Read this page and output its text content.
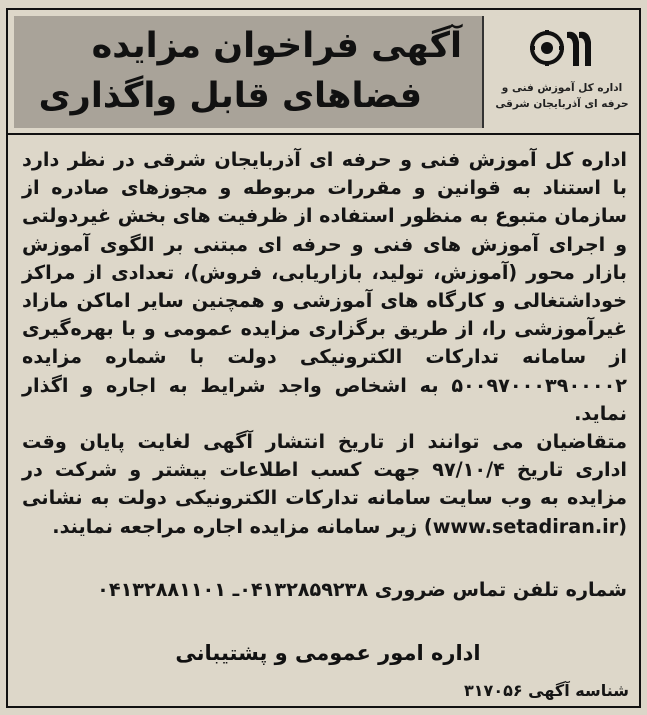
آگهی فراخوان مزایده
فضاهای قابل واگذاری	اداره کل آموزش فنی و حرفه ای آذربایجان شرقی

اداره کل آموزش فنی و حرفه ای آذربایجان شرقی در نظر دارد با استناد به قوانین و مقررات مربوطه و مجوزهای صادره از سازمان متبوع به منظور استفاده از ظرفیت های بخش غیردولتی و اجرای آموزش های فنی و حرفه ای مبتنی بر الگوی آموزش بازار محور (آموزش، تولید، بازاریابی، فروش)، تعدادی از مراکز خوداشتغالی و کارگاه های آموزشی و همچنین سایر اماکن مازاد غیرآموزشی را، از طریق برگزاری مزایده عمومی و با بهره‌گیری از سامانه تدارکات الکترونیکی دولت با شماره مزایده ۵۰۰۹۷۰۰۰۳۹۰۰۰۰۲ به اشخاص واجد شرایط به اجاره و اگذار نماید.

متقاضیان می توانند از تاریخ انتشار آگهی لغایت پایان وقت اداری تاریخ ۹۷/۱۰/۴ جهت کسب اطلاعات بیشتر و شرکت در مزایده به وب سایت سامانه تدارکات الکترونیکی دولت به نشانی (www.setadiran.ir) زیر سامانه مزایده اجاره مراجعه نمایند.

شماره تلفن تماس ضروری ۰۴۱۳۲۸۵۹۲۳۸ـ ۰۴۱۳۲۸۸۱۱۰۱
اداره امور عمومی و پشتیبانی
شناسه آگهی ۳۱۷۰۵۶
